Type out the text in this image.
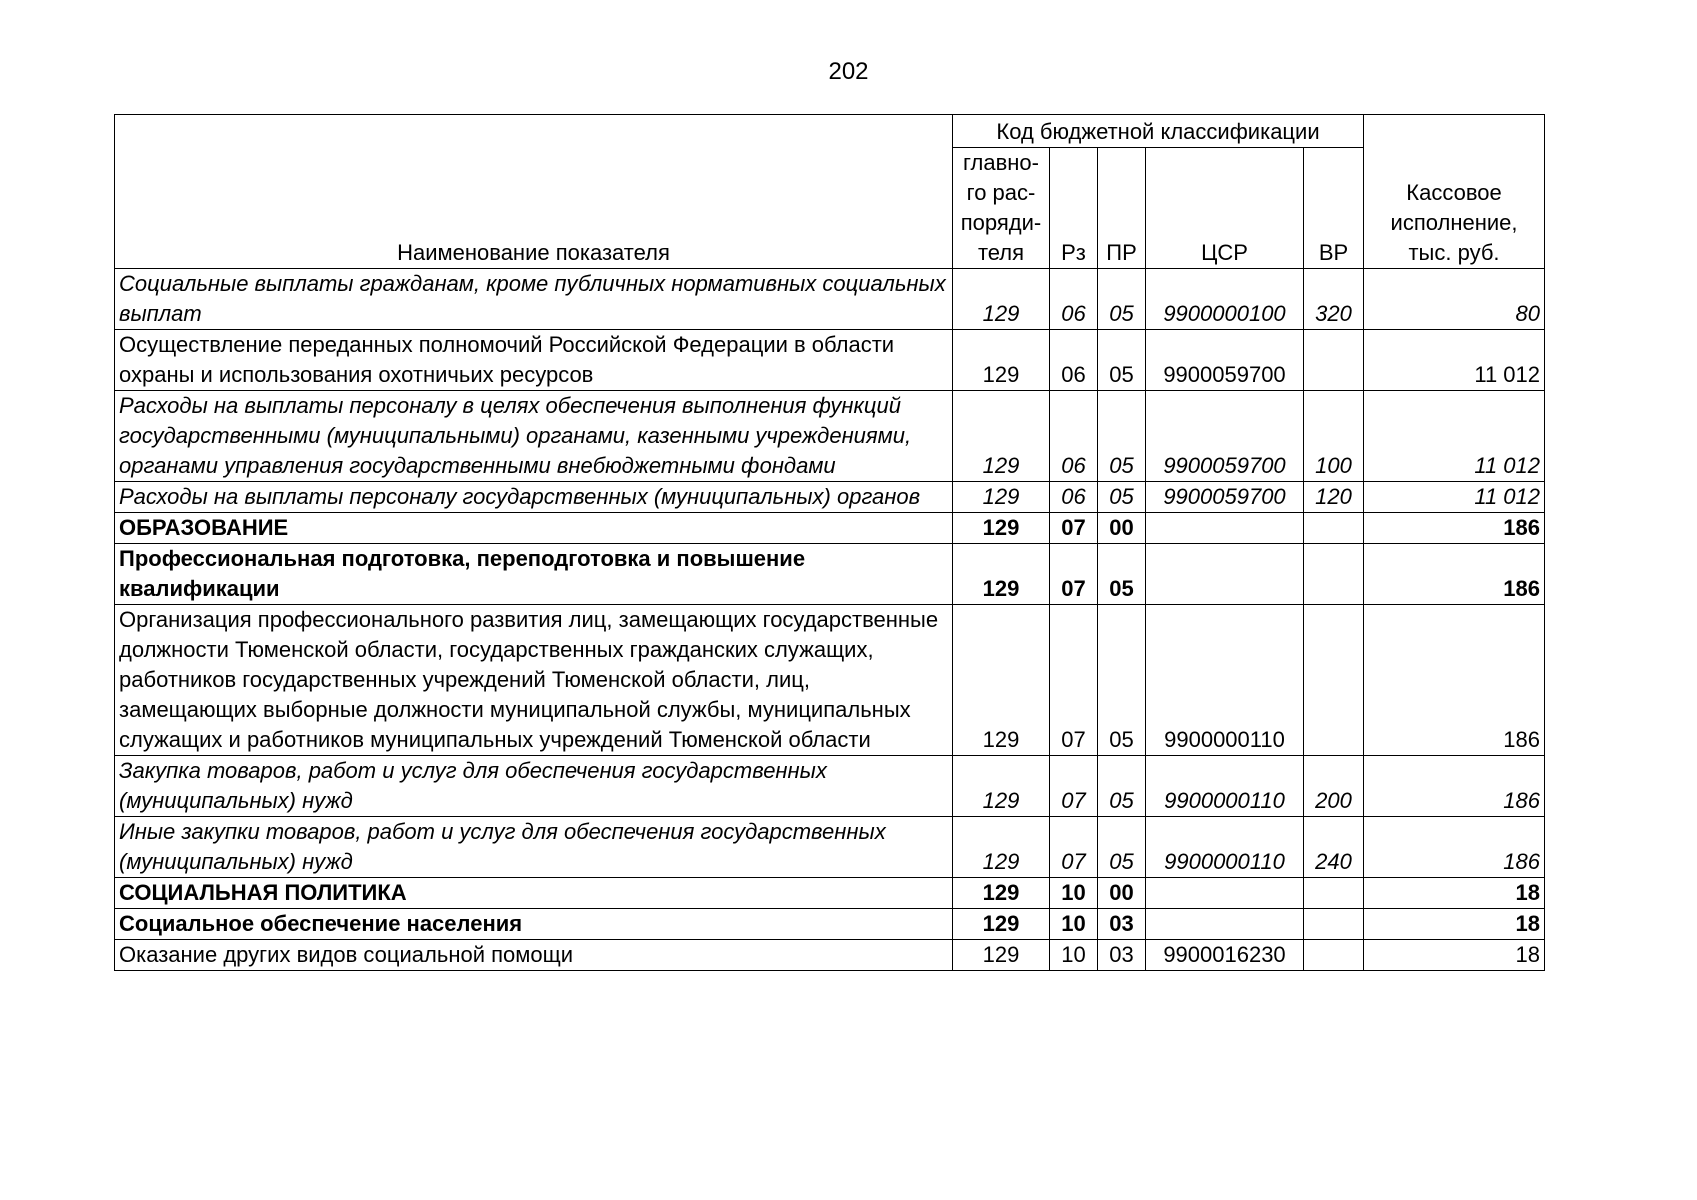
202
Наименование показателя	Код бюджетной классификации					Кассовое исполнение, тыс. руб.
	главно-го рас-поряди-теля	Рз	ПР	ЦСР	ВР	
Социальные выплаты гражданам, кроме публичных нормативных социальных выплат	129	06	05	9900000100	320	80
Осуществление переданных полномочий Российской Федерации в области охраны и использования охотничьих ресурсов	129	06	05	9900059700		11 012
Расходы на выплаты персоналу в целях обеспечения выполнения функций государственными (муниципальными) органами, казенными учреждениями, органами управления государственными внебюджетными фондами	129	06	05	9900059700	100	11 012
Расходы на выплаты персоналу государственных (муниципальных) органов	129	06	05	9900059700	120	11 012
ОБРАЗОВАНИЕ	129	07	00			186
Профессиональная подготовка, переподготовка и повышение квалификации	129	07	05			186
Организация профессионального развития лиц, замещающих государственные должности Тюменской области, государственных гражданских служащих, работников государственных учреждений Тюменской области, лиц, замещающих выборные должности муниципальной службы, муниципальных служащих и работников муниципальных учреждений Тюменской области	129	07	05	9900000110		186
Закупка товаров, работ и услуг для обеспечения государственных (муниципальных) нужд	129	07	05	9900000110	200	186
Иные закупки товаров, работ и услуг для обеспечения государственных (муниципальных) нужд	129	07	05	9900000110	240	186
СОЦИАЛЬНАЯ ПОЛИТИКА	129	10	00			18
Социальное обеспечение населения	129	10	03			18
Оказание других видов социальной помощи	129	10	03	9900016230		18
